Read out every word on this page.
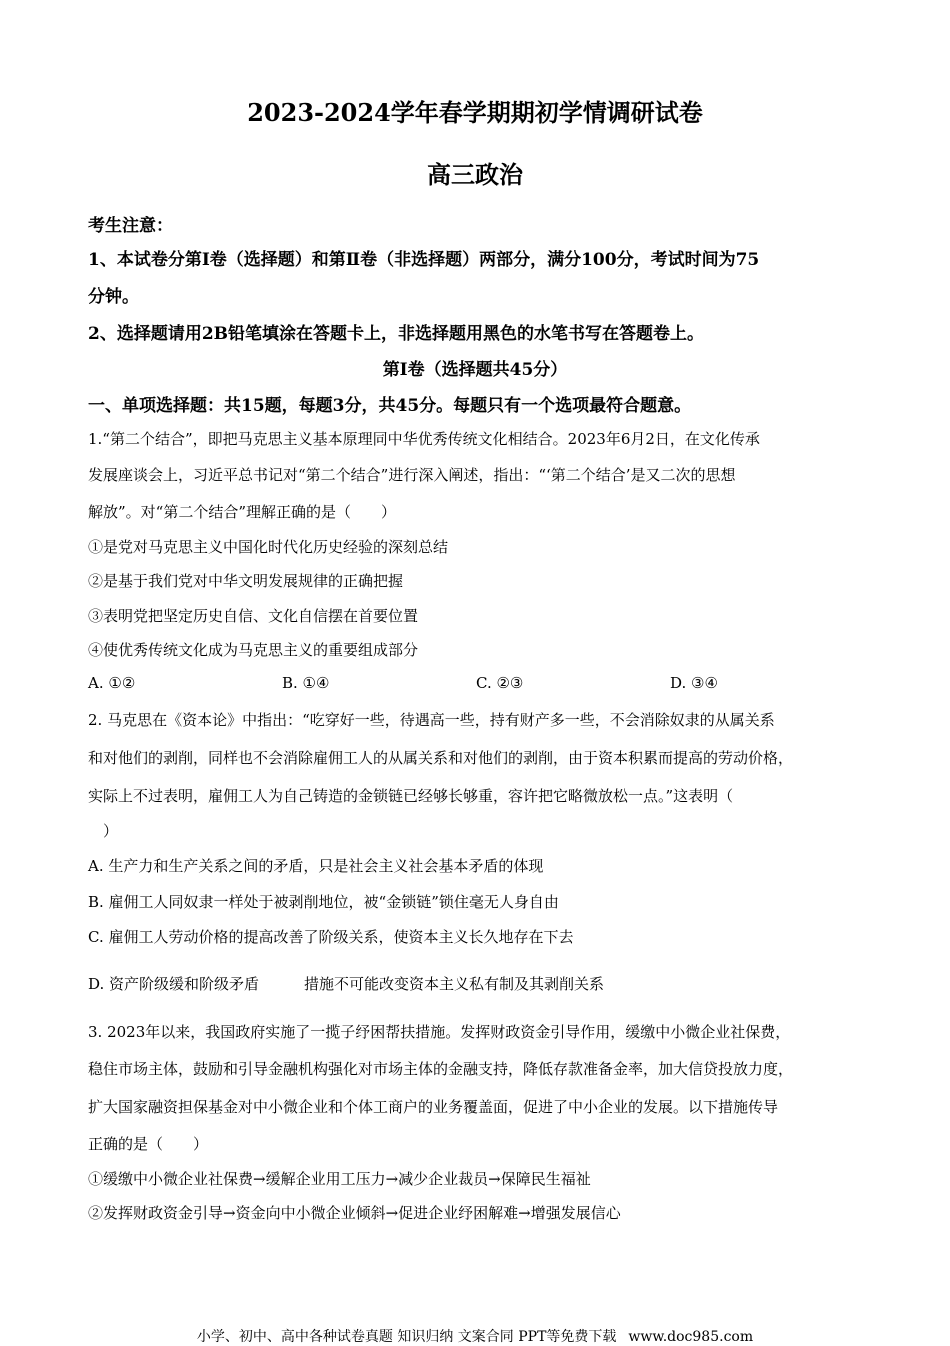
2023-2024学年春学期期初学情调研试卷
高三政治
考生注意：
1、本试卷分第Ⅰ卷（选择题）和第Ⅱ卷（非选择题）两部分，满分100分，考试时间为75
分钟。
2、选择题请用2B铅笔填涂在答题卡上，非选择题用黑色的水笔书写在答题卷上。
第Ⅰ卷（选择题共45分）
一、单项选择题：共15题，每题3分，共45分。每题只有一个选项最符合题意。
1.“第二个结合”，即把马克思主义基本原理同中华优秀传统文化相结合。2023年6月2日，在文化传承
发展座谈会上，习近平总书记对“第二个结合”进行深入阐述，指出：“‘第二个结合’是又二次的思想
解放”。对“第二个结合”理解正确的是（　　）
①是党对马克思主义中国化时代化历史经验的深刻总结
②是基于我们党对中华文明发展规律的正确把握
③表明党把坚定历史自信、文化自信摆在首要位置
④使优秀传统文化成为马克思主义的重要组成部分
A. ①②	B. ①④	C. ②③	D. ③④
2. 马克思在《资本论》中指出：“吃穿好一些，待遇高一些，持有财产多一些，不会消除奴隶的从属关系
和对他们的剥削，同样也不会消除雇佣工人的从属关系和对他们的剥削，由于资本积累而提高的劳动价格，
实际上不过表明，雇佣工人为自己铸造的金锁链已经够长够重，容许把它略微放松一点。”这表明（
　）
A. 生产力和生产关系之间的矛盾，只是社会主义社会基本矛盾的体现
B. 雇佣工人同奴隶一样处于被剥削地位，被“金锁链”锁住毫无人身自由
C. 雇佣工人劳动价格的提高改善了阶级关系，使资本主义长久地存在下去
D. 资产阶级缓和阶级矛盾　　　措施不可能改变资本主义私有制及其剥削关系
3. 2023年以来，我国政府实施了一揽子纾困帮扶措施。发挥财政资金引导作用，缓缴中小微企业社保费，
稳住市场主体，鼓励和引导金融机构强化对市场主体的金融支持，降低存款准备金率，加大信贷投放力度，
扩大国家融资担保基金对中小微企业和个体工商户的业务覆盖面，促进了中小企业的发展。以下措施传导
正确的是（　　）
①缓缴中小微企业社保费→缓解企业用工压力→减少企业裁员→保障民生福祉
②发挥财政资金引导→资金向中小微企业倾斜→促进企业纾困解难→增强发展信心
小学、初中、高中各种试卷真题 知识归纳 文案合同 PPT等免费下载 www.doc985.com
